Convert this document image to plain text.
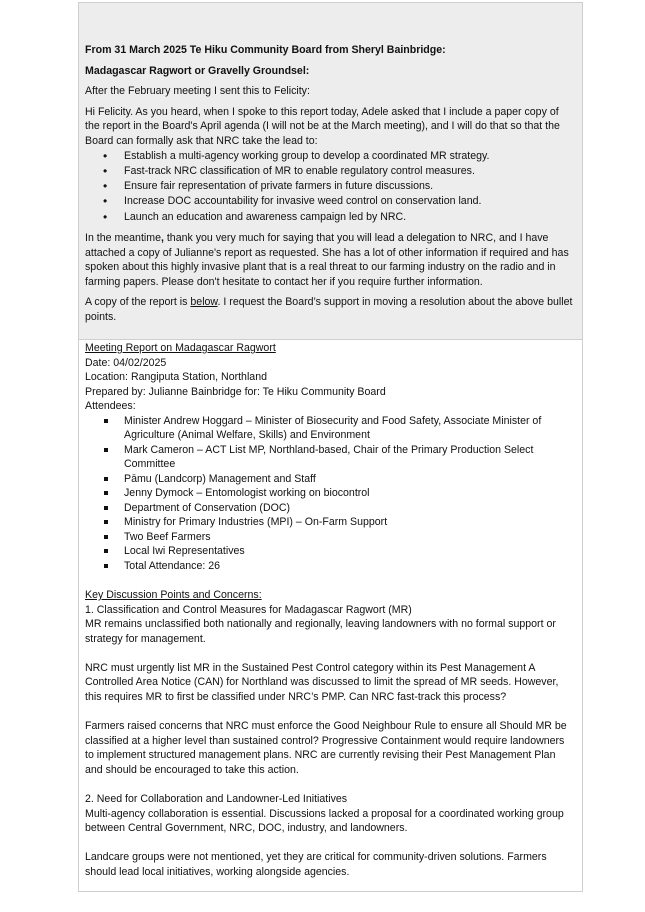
From 31 March 2025 Te Hiku Community Board from Sheryl Bainbridge:

Madagascar Ragwort or Gravelly Groundsel:

After the February meeting I sent this to Felicity:

Hi Felicity. As you heard, when I spoke to this report today, Adele asked that I include a paper copy of the report in the Board's April agenda (I will not be at the March meeting), and I will do that so that the Board can formally ask that NRC take the lead to:

• Establish a multi-agency working group to develop a coordinated MR strategy.
• Fast-track NRC classification of MR to enable regulatory control measures.
• Ensure fair representation of private farmers in future discussions.
• Increase DOC accountability for invasive weed control on conservation land.
• Launch an education and awareness campaign led by NRC.

In the meantime, thank you very much for saying that you will lead a delegation to NRC, and I have attached a copy of Julianne's report as requested. She has a lot of other information if required and has spoken about this highly invasive plant that is a real threat to our farming industry on the radio and in farming papers. Please don't hesitate to contact her if you require further information.

A copy of the report is below. I request the Board’s support in moving a resolution about the above bullet points.

Meeting Report on Madagascar Ragwort

Date: 04/02/2025

Location: Rangiputa Station, Northland

Prepared by: Julianne Bainbridge for: Te Hiku Community Board

Attendees:

Minister Andrew Hoggard – Minister of Biosecurity and Food Safety, Associate Minister of Agriculture (Animal Welfare, Skills) and Environment
Mark Cameron – ACT List MP, Northland-based, Chair of the Primary Production Select Committee
Pāmu (Landcorp) Management and Staff
Jenny Dymock – Entomologist working on biocontrol
Department of Conservation (DOC)
Ministry for Primary Industries (MPI) – On-Farm Support
Two Beef Farmers
Local Iwi Representatives
Total Attendance: 26

Key Discussion Points and Concerns:

1. Classification and Control Measures for Madagascar Ragwort (MR)

MR remains unclassified both nationally and regionally, leaving landowners with no formal support or strategy for management.

NRC must urgently list MR in the Sustained Pest Control category within its Pest Management A Controlled Area Notice (CAN) for Northland was discussed to limit the spread of MR seeds. However, this requires MR to first be classified under NRC’s PMP. Can NRC fast-track this process?

Farmers raised concerns that NRC must enforce the Good Neighbour Rule to ensure all Should MR be classified at a higher level than sustained control? Progressive Containment would require landowners to implement structured management plans. NRC are currently revising their Pest Management Plan and should be encouraged to take this action.

2. Need for Collaboration and Landowner-Led Initiatives

Multi-agency collaboration is essential. Discussions lacked a proposal for a coordinated working group between Central Government, NRC, DOC, industry, and landowners.

Landcare groups were not mentioned, yet they are critical for community-driven solutions. Farmers should lead local initiatives, working alongside agencies.
